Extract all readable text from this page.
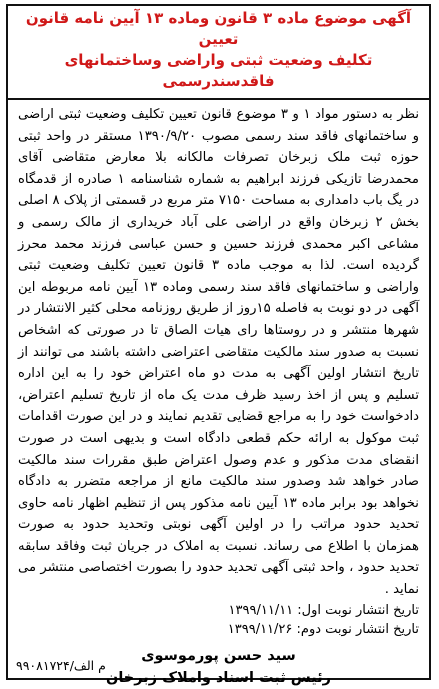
آگهی موضوع ماده ۳ قانون وماده ۱۳ آیین نامه قانون تعیین
تکلیف وضعیت ثبتی واراضی وساختمانهای فاقدسندرسمی

نظر به دستور مواد ۱ و ۳ موضوع قانون تعیین تکلیف وضعیت ثبتی اراضی و ساختمانهای فاقد سند رسمی مصوب ۱۳۹۰/۹/۲۰ مستقر در واحد ثبتی حوزه ثبت ملک زبرخان تصرفات مالکانه بلا معارض متقاضی آقای محمدرضا تازیکی فرزند ابراهیم به شماره شناسنامه ۱ صادره از قدمگاه در یگ باب دامداری به مساحت ۷۱۵۰ متر مربع در قسمتی از پلاک ۸ اصلی بخش ۲ زبرخان واقع در اراضی علی آباد خریداری از مالک رسمی و مشاعی اکبر محمدی فرزند حسین و حسن عباسی فرزند محمد محرز گردیده است. لذا به موجب ماده ۳ قانون تعیین تکلیف وضعیت ثبتی واراضی و ساختمانهای فاقد سند رسمی وماده ۱۳ آیین نامه مربوطه این آگهی در دو نوبت به فاصله ۱۵روز از طریق روزنامه محلی کثیر الانتشار در شهرها منتشر و در روستاها رای هیات الصاق تا در صورتی که اشخاص نسبت به صدور سند مالکیت متقاضی اعتراضی داشته باشند می توانند از تاریخ انتشار اولین آگهی به مدت دو ماه اعتراض خود را به این اداره تسلیم و پس از اخذ رسید ظرف مدت یک ماه از تاریخ تسلیم اعتراض، دادخواست خود را به مراجع قضایی تقدیم نمایند و در این صورت اقدامات ثبت موکول به ارائه حکم قطعی دادگاه است و بدیهی است در صورت انقضای مدت مذکور و عدم وصول اعتراض طبق مقررات سند مالکیت صادر خواهد شد وصدور سند مالکیت مانع از مراجعه متضرر به دادگاه نخواهد بود برابر ماده ۱۳ آیین نامه مذکور پس از تنظیم اظهار نامه حاوی تحدید حدود مراتب را در اولین آگهی نوبتی وتحدید حدود به صورت همزمان با اطلاع می رساند. نسبت به املاک در جریان ثبت وفاقد سابقه تحدید حدود ، واحد ثبتی آگهی تحدید حدود را بصورت اختصاصی منتشر می نماید .

تاریخ انتشار نوبت اول: ۱۳۹۹/۱۱/۱۱
تاریخ انتشار نوبت دوم: ۱۳۹۹/۱۱/۲۶
سید حسن پورموسوی
رئیس ثبت اسناد واملاک زبرخان
م الف/۹۹۰۸۱۷۲۴
